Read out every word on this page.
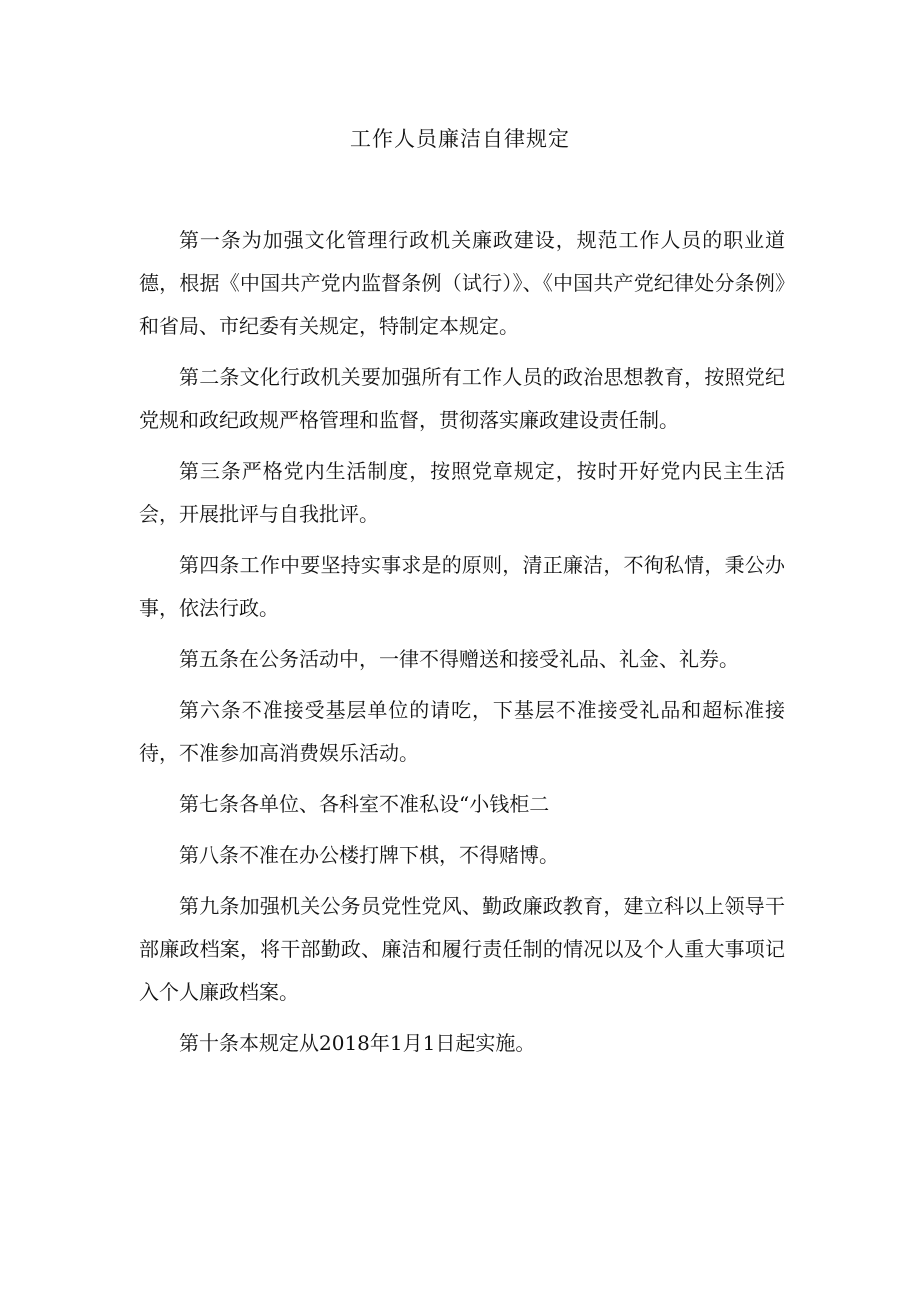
工作人员廉洁自律规定

第一条为加强文化管理行政机关廉政建设，规范工作人员的职业道德，根据《中国共产党内监督条例（试行）》、《中国共产党纪律处分条例》和省局、市纪委有关规定，特制定本规定。

第二条文化行政机关要加强所有工作人员的政治思想教育，按照党纪党规和政纪政规严格管理和监督，贯彻落实廉政建设责任制。

第三条严格党内生活制度，按照党章规定，按时开好党内民主生活会，开展批评与自我批评。

第四条工作中要坚持实事求是的原则，清正廉洁，不徇私情，秉公办事，依法行政。

第五条在公务活动中，一律不得赠送和接受礼品、礼金、礼券。

第六条不准接受基层单位的请吃，下基层不准接受礼品和超标准接待，不准参加高消费娱乐活动。

第七条各单位、各科室不准私设“小钱柜二

第八条不准在办公楼打牌下棋，不得赌博。

第九条加强机关公务员党性党风、勤政廉政教育，建立科以上领导干部廉政档案，将干部勤政、廉洁和履行责任制的情况以及个人重大事项记入个人廉政档案。

第十条本规定从2018年1月1日起实施。
